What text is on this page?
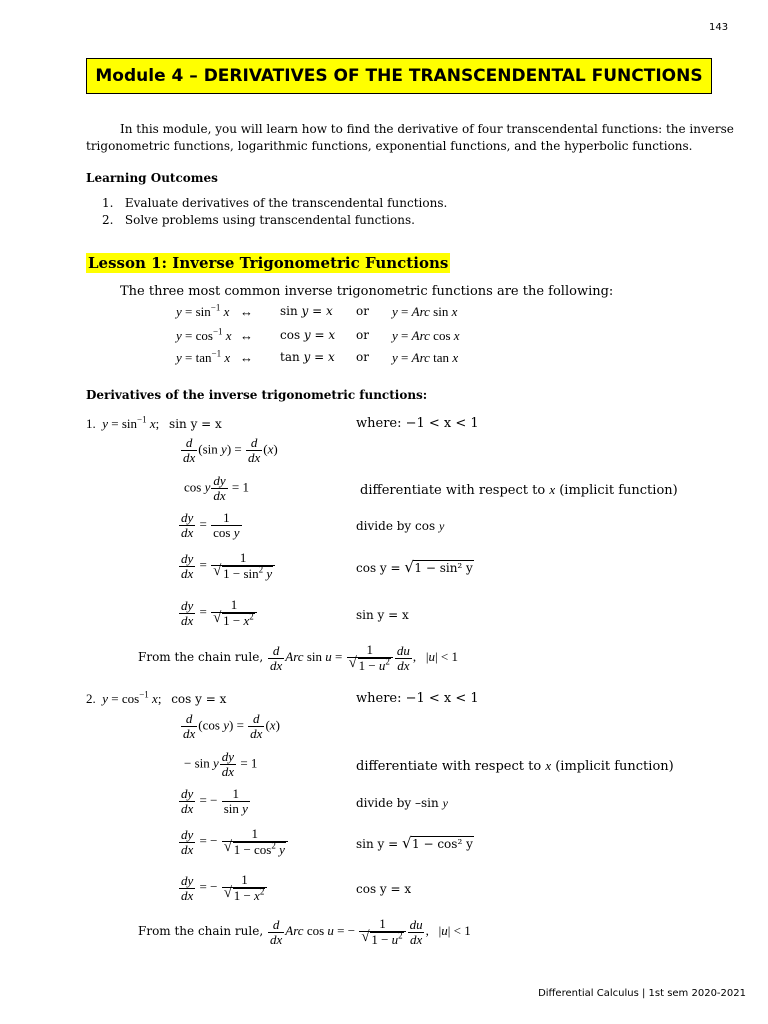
143
Module 4 – DERIVATIVES OF THE TRANSCENDENTAL FUNCTIONS
In this module, you will learn how to find the derivative of four transcendental functions: the inverse
trigonometric functions, logarithmic functions, exponential functions, and the hyperbolic functions.
Learning Outcomes
1.   Evaluate derivatives of the transcendental functions.
2.   Solve problems using transcendental functions.
Lesson 1: Inverse Trigonometric Functions
The three most common inverse trigonometric functions are the following:
$y = \sin^{-1} x$ ↔ sin y = x or y = Arc sin x
$y = \cos^{-1} x$ ↔ cos y = x or y = Arc cos x
$y = \tan^{-1} x$ ↔ tan y = x or y = Arc tan x
Derivatives of the inverse trigonometric functions:
1. $y = \sin^{-1} x$;   sin y = x	where: −1 < x < 1
$\frac{d}{dx} (\sin$ $y) = \frac{d}{dx} (x)$
cos y $\frac{dy}{dx} = 1$	differentiate with respect to x (implicit function)
$\frac{dy}{dx} = \frac{1}{\text{cos y}}$	divide by cos y
$\frac{dy}{dx} = \frac{1}{√ 1 - \sin^2 y}$	cos y = √ 1 − sin² y
$\frac{dy}{dx} = \frac{1}{√ 1 - x^2}$	sin y = x
From the chain rule, $\frac{d}{dx}$ Arc $\sin u = \frac{1}{√ 1 - u^2} \frac{du}{dx}$ ,   |u| < 1
2. $y = \cos^{-1} x$;   cos y = x	where: −1 < x < 1
$\frac{d}{dx} (\cos$ $y) = \frac{d}{dx} (x)$
− sin y $\frac{dy}{dx} = 1$	differentiate with respect to x (implicit function)
$\frac{dy}{dx}$ = − $\frac{1}{\text{sin y}}$	divide by –sin y
$\frac{dy}{dx}$ = − $\frac{1}{√ 1 - \cos^2 y}$	sin y = √ 1 − cos² y
$\frac{dy}{dx}$ = − $\frac{1}{√ 1 - x^2}$	cos y = x
From the chain rule, $\frac{d}{dx}$ Arc cos u = − $\frac{1}{√ 1 - u^2} \frac{du}{dx}$ ,   |u| < 1
Differential Calculus | 1st sem 2020-2021
